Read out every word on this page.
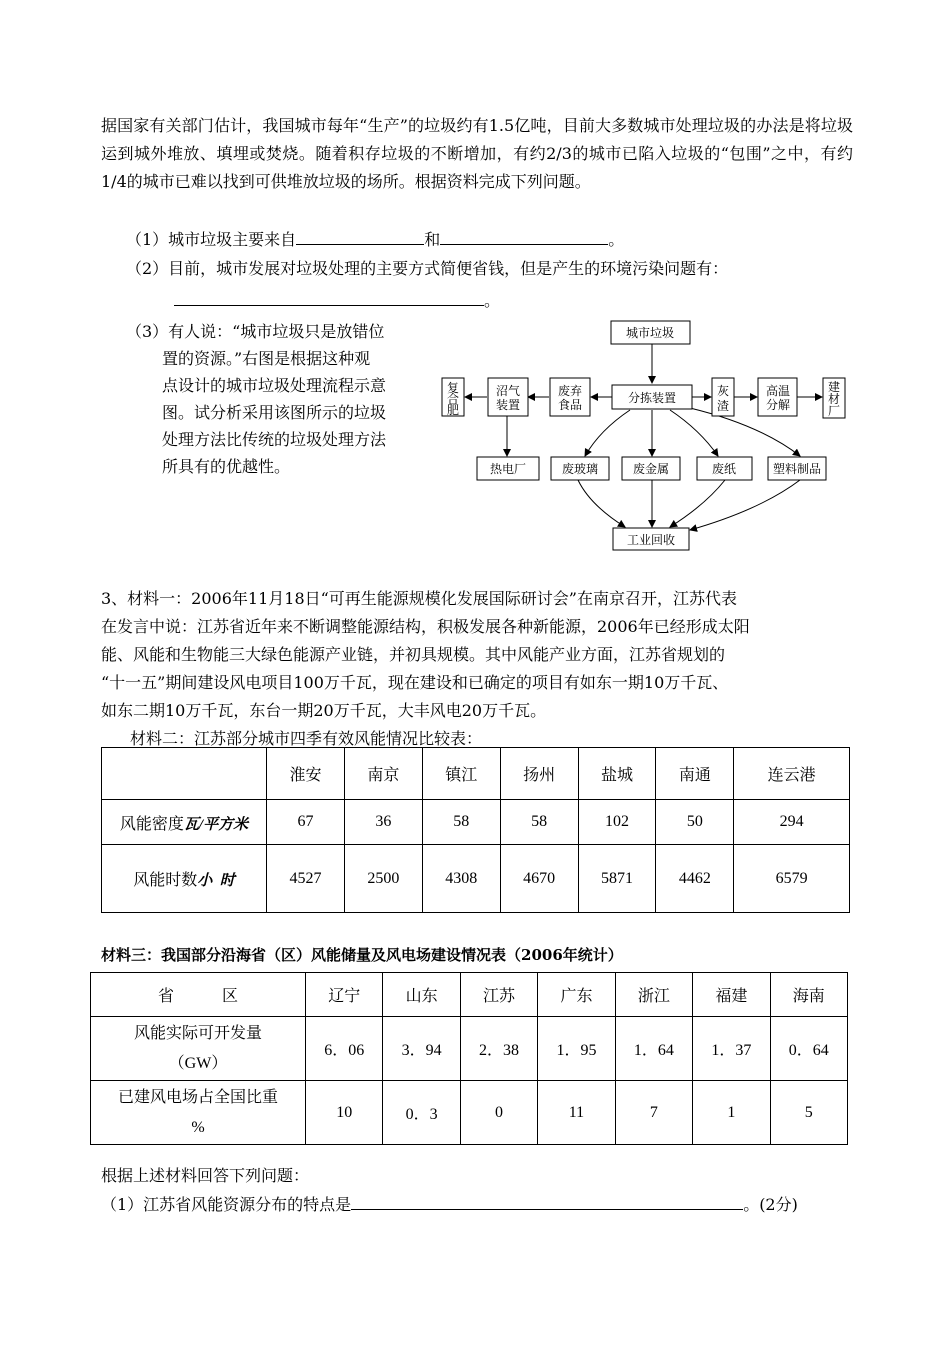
据国家有关部门估计，我国城市每年“生产”的垃圾约有1.5亿吨，目前大多数城市处理垃圾的办法是将垃圾运到城外堆放、填埋或焚烧。随着积存垃圾的不断增加，有约2/3的城市已陷入垃圾的“包围”之中，有约1/4的城市已难以找到可供堆放垃圾的场所。根据资料完成下列问题。
（1）城市垃圾主要来自	和	。
（2）目前，城市发展对垃圾处理的主要方式简便省钱，但是产生的环境污染问题有：
。
（3）有人说：“城市垃圾只是放错位
置的资源。”右图是根据这种观
点设计的城市垃圾处理流程示意
图。试分析采用该图所示的垃圾
处理方法比传统的垃圾处理方法
所具有的优越性。
城市垃圾
分拣装置
复
合
肥
沼气
装置
废弃
食品
灰
渣
高温
分解
建
材
厂
热电厂	废玻璃	废金属	废纸	塑料制品
工业回收
3、材料一：2006年11月18日“可再生能源规模化发展国际研讨会”在南京召开，江苏代表
在发言中说：江苏省近年来不断调整能源结构，积极发展各种新能源，2006年已经形成太阳
能、风能和生物能三大绿色能源产业链，并初具规模。其中风能产业方面，江苏省规划的
“十一五”期间建设风电项目100万千瓦，现在建设和已确定的项目有如东一期10万千瓦、
如东二期10万千瓦，东台一期20万千瓦，大丰风电20万千瓦。
材料二：江苏部分城市四季有效风能情况比较表：
	淮安	南京	镇江	扬州	盐城	南通	连云港
风能密度瓦/平方米	67	36	58	58	102	50	294
风能时数小  时	4527	2500	4308	4670	5871	4462	6579
材料三：我国部分沿海省（区）风能储量及风电场建设情况表（2006年统计）
省　　　区	辽宁	山东	江苏	广东	浙江	福建	海南

风能实际可开发量
（GW）	6．06	3．94	2．38	1．95	1．64	1．37	0．64

已建风电场占全国比重
%	10	0．3	0	11	7	1	5
根据上述材料回答下列问题：
（1）江苏省风能资源分布的特点是	。(2分)
